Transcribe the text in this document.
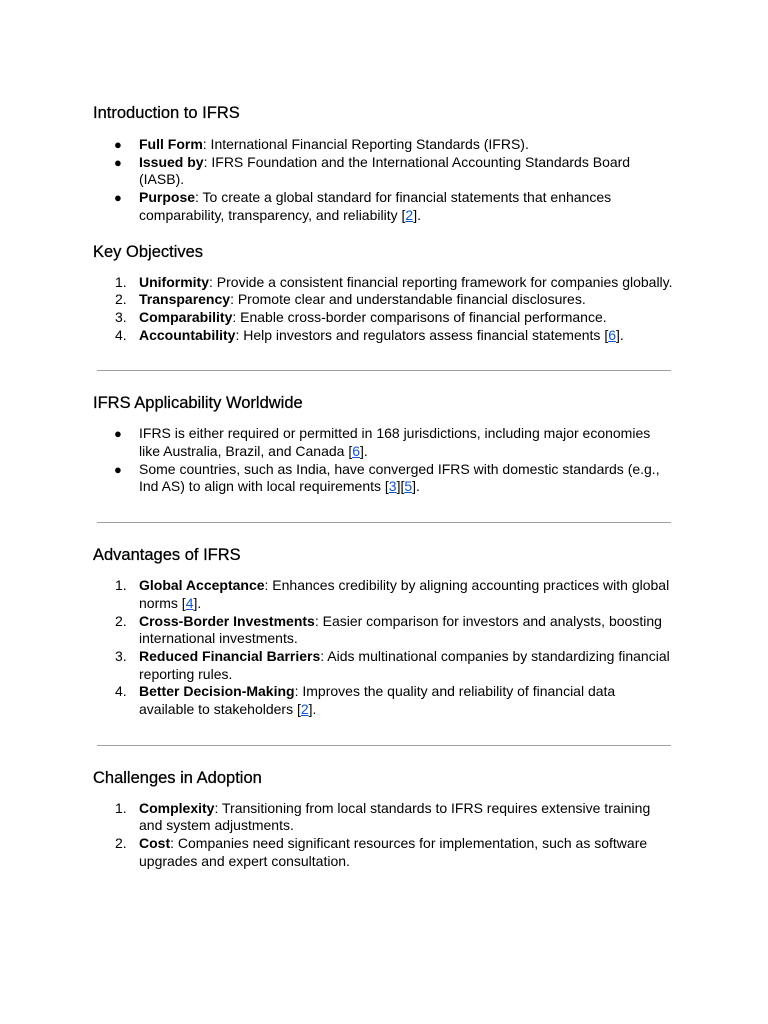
Introduction to IFRS
● Full Form: International Financial Reporting Standards (IFRS).
● Issued by: IFRS Foundation and the International Accounting Standards Board (IASB).
● Purpose: To create a global standard for financial statements that enhances comparability, transparency, and reliability [2].
Key Objectives
1. Uniformity: Provide a consistent financial reporting framework for companies globally.
2. Transparency: Promote clear and understandable financial disclosures.
3. Comparability: Enable cross-border comparisons of financial performance.
4. Accountability: Help investors and regulators assess financial statements [6].
IFRS Applicability Worldwide
● IFRS is either required or permitted in 168 jurisdictions, including major economies like Australia, Brazil, and Canada [6].
● Some countries, such as India, have converged IFRS with domestic standards (e.g., Ind AS) to align with local requirements [3][5].
Advantages of IFRS
1. Global Acceptance: Enhances credibility by aligning accounting practices with global norms [4].
2. Cross-Border Investments: Easier comparison for investors and analysts, boosting international investments.
3. Reduced Financial Barriers: Aids multinational companies by standardizing financial reporting rules.
4. Better Decision-Making: Improves the quality and reliability of financial data available to stakeholders [2].
Challenges in Adoption
1. Complexity: Transitioning from local standards to IFRS requires extensive training and system adjustments.
2. Cost: Companies need significant resources for implementation, such as software upgrades and expert consultation.
